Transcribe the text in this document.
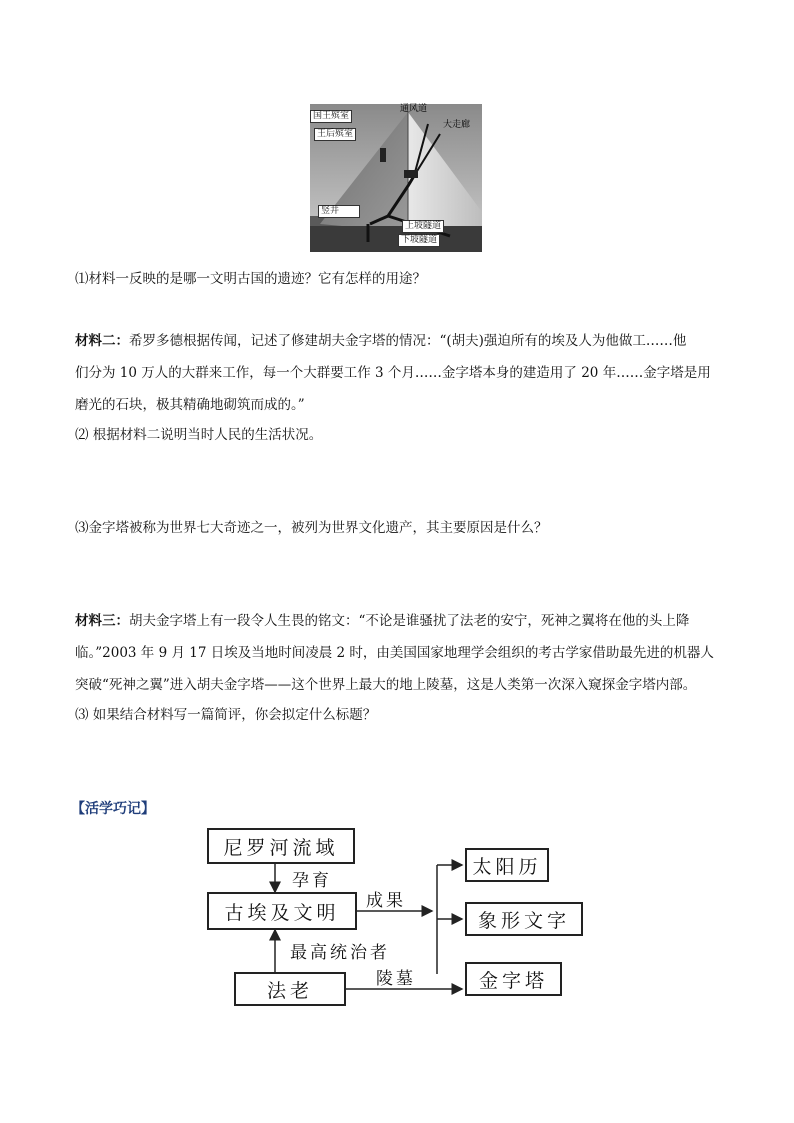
国王殡室
通风道
王后殡室
大走廊
竖井
上坡隧道
下坡隧道
⑴材料一反映的是哪一文明古国的遗迹？它有怎样的用途？
材料二：希罗多德根据传闻，记述了修建胡夫金字塔的情况：“(胡夫)强迫所有的埃及人为他做工……他
们分为 10 万人的大群来工作，每一个大群要工作 3 个月……金字塔本身的建造用了 20 年……金字塔是用
磨光的石块，极其精确地砌筑而成的。”
⑵ 根据材料二说明当时人民的生活状况。
⑶金字塔被称为世界七大奇迹之一，被列为世界文化遗产，其主要原因是什么？
材料三：胡夫金字塔上有一段令人生畏的铭文：“不论是谁骚扰了法老的安宁，死神之翼将在他的头上降
临。”2003 年 9 月 17 日埃及当地时间凌晨 2 时，由美国国家地理学会组织的考古学家借助最先进的机器人
突破“死神之翼”进入胡夫金字塔——这个世界上最大的地上陵墓，这是人类第一次深入窥探金字塔内部。
⑶ 如果结合材料写一篇简评，你会拟定什么标题？
【活学巧记】
尼罗河流域
孕育
古埃及文明
成果
最高统治者
法老
陵墓
太阳历
象形文字
金字塔
